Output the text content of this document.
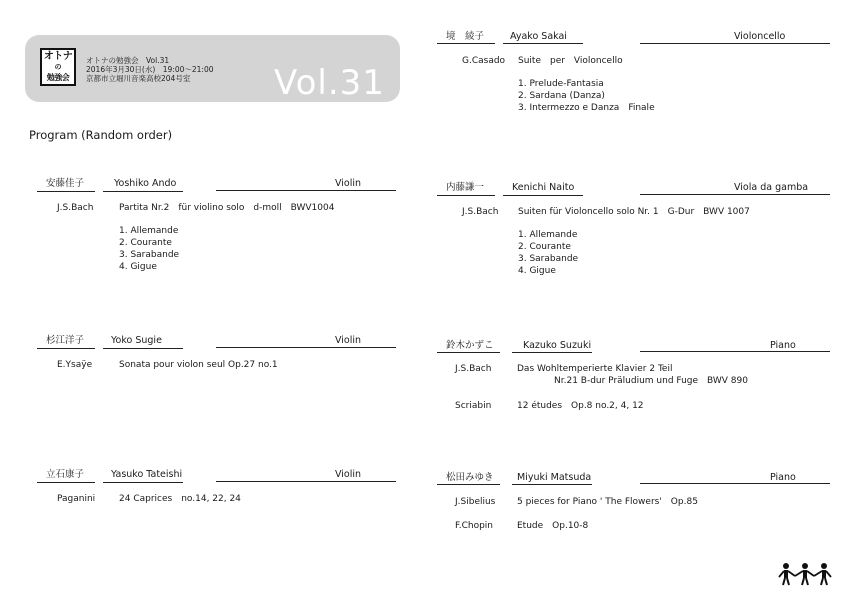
オトナ
の
勉強会
オトナの勉強会　Vol.31
2016年3月30日(水)　19:00～21:00
京都市立堀川音楽高校204号室 Vol.31
Program (Random order)
安藤佳子	Yoshiko Ando	Violin
J.S.Bach	Partita Nr.2　für violino solo　d-moll　BWV1004
1. Allemande
2. Courante
3. Sarabande
4. Gigue
杉江洋子	Yoko Sugie	Violin
E.Ysaÿe	Sonata pour violon seul Op.27 no.1
立石康子	Yasuko Tateishi	Violin
Paganini	24 Caprices　no.14, 22, 24
境　綾子	Ayako Sakai	Violoncello
G.Casado Suite　per　Violoncello
1. Prelude-Fantasia
2. Sardana (Danza)
3. Intermezzo e Danza　Finale
内藤謙一	Kenichi Naito	Viola da gamba
J.S.Bach Suiten für Violoncello solo Nr. 1　G-Dur　BWV 1007
1. Allemande
2. Courante
3. Sarabande
4. Gigue
鈴木かずこ	Kazuko Suzuki	Piano
J.S.Bach	Das Wohltemperierte Klavier 2 Teil
Nr.21 B-dur Präludium und Fuge　BWV 890
Scriabin	12 études　Op.8 no.2, 4, 12
松田みゆき Miyuki Matsuda	Piano
J.Sibelius 5 pieces for Piano ' The Flowers'　Op.85
F.Chopin	Etude　Op.10-8
